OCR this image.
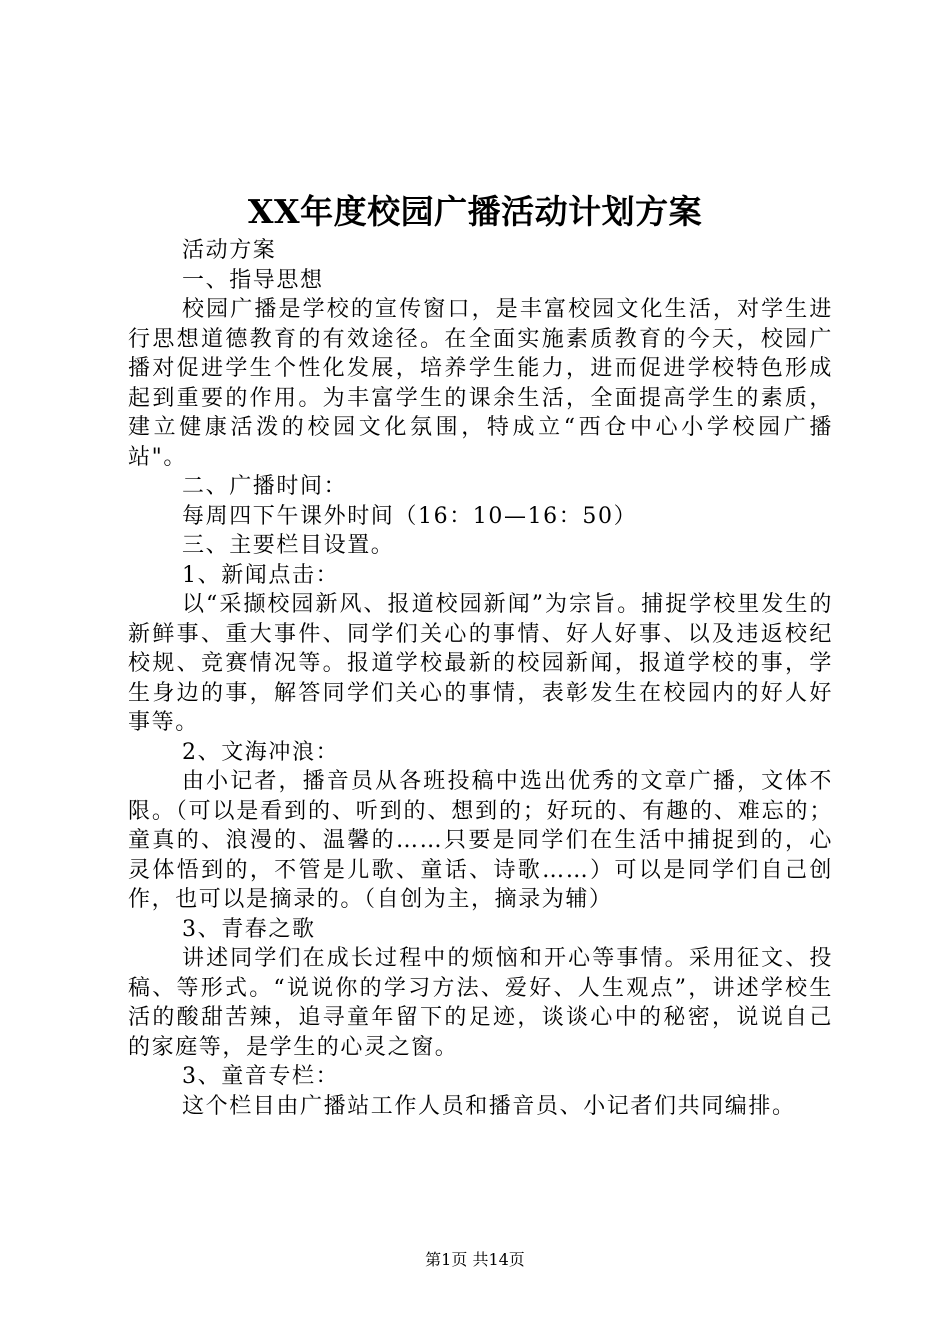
XX年度校园广播活动计划方案

活动方案

一、指导思想

校园广播是学校的宣传窗口，是丰富校园文化生活，对学生进行思想道德教育的有效途径。在全面实施素质教育的今天，校园广播对促进学生个性化发展，培养学生能力，进而促进学校特色形成起到重要的作用。为丰富学生的课余生活，全面提高学生的素质，建立健康活泼的校园文化氛围，特成立“西仓中心小学校园广播站"。

二、广播时间：

每周四下午课外时间（16：10—16：50）

三、主要栏目设置。

1、新闻点击：

以“采撷校园新风、报道校园新闻”为宗旨。捕捉学校里发生的新鲜事、重大事件、同学们关心的事情、好人好事、以及违返校纪校规、竞赛情况等。报道学校最新的校园新闻，报道学校的事，学生身边的事，解答同学们关心的事情，表彰发生在校园内的好人好事等。

2、文海冲浪：

由小记者，播音员从各班投稿中选出优秀的文章广播，文体不限。（可以是看到的、听到的、想到的；好玩的、有趣的、难忘的；童真的、浪漫的、温馨的……只要是同学们在生活中捕捉到的，心灵体悟到的，不管是儿歌、童话、诗歌……）可以是同学们自己创作，也可以是摘录的。（自创为主，摘录为辅）

3、青春之歌

讲述同学们在成长过程中的烦恼和开心等事情。采用征文、投稿、等形式。“说说你的学习方法、爱好、人生观点”，讲述学校生活的酸甜苦辣，追寻童年留下的足迹，谈谈心中的秘密，说说自己的家庭等，是学生的心灵之窗。

3、童音专栏：

这个栏目由广播站工作人员和播音员、小记者们共同编排。

第1页 共14页
